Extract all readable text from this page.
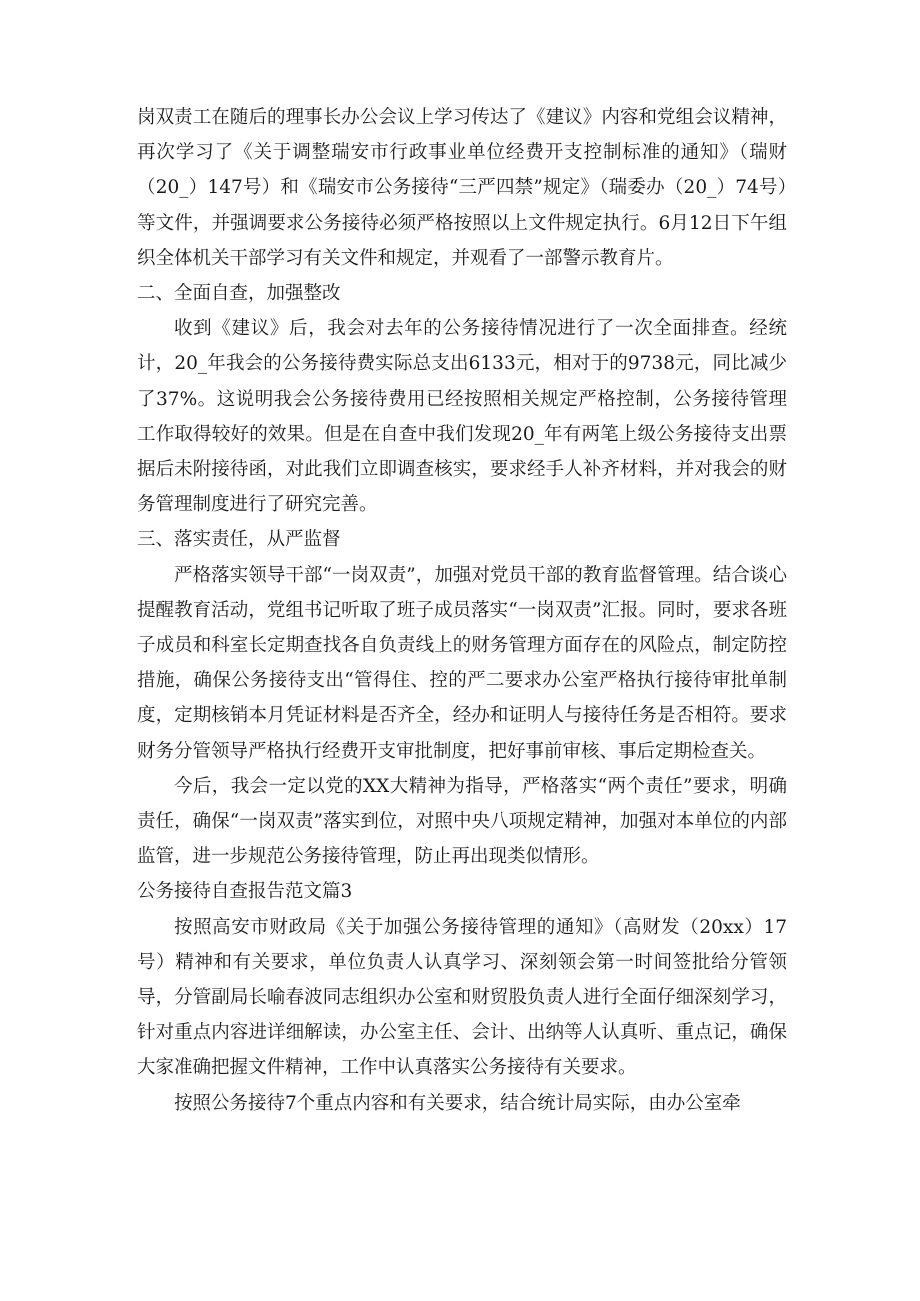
岗双责工在随后的理事长办公会议上学习传达了《建议》内容和党组会议精神，再次学习了《关于调整瑞安市行政事业单位经费开支控制标准的通知》（瑞财（20_）147号）和《瑞安市公务接待“三严四禁”规定》（瑞委办（20_）74号）等文件，并强调要求公务接待必须严格按照以上文件规定执行。6月12日下午组织全体机关干部学习有关文件和规定，并观看了一部警示教育片。

二、全面自查，加强整改

收到《建议》后，我会对去年的公务接待情况进行了一次全面排查。经统计，20_年我会的公务接待费实际总支出6133元，相对于的9738元，同比减少了37%。这说明我会公务接待费用已经按照相关规定严格控制，公务接待管理工作取得较好的效果。但是在自查中我们发现20_年有两笔上级公务接待支出票据后未附接待函，对此我们立即调查核实，要求经手人补齐材料，并对我会的财务管理制度进行了研究完善。

三、落实责任，从严监督

严格落实领导干部“一岗双责”，加强对党员干部的教育监督管理。结合谈心提醒教育活动，党组书记听取了班子成员落实“一岗双责”汇报。同时，要求各班子成员和科室长定期查找各自负责线上的财务管理方面存在的风险点，制定防控措施，确保公务接待支出“管得住、控的严二要求办公室严格执行接待审批单制度，定期核销本月凭证材料是否齐全，经办和证明人与接待任务是否相符。要求财务分管领导严格执行经费开支审批制度，把好事前审核、事后定期检查关。

今后，我会一定以党的XX大精神为指导，严格落实“两个责任”要求，明确责任，确保“一岗双责”落实到位，对照中央八项规定精神，加强对本单位的内部监管，进一步规范公务接待管理，防止再出现类似情形。

公务接待自查报告范文篇3

按照高安市财政局《关于加强公务接待管理的通知》（高财发（20xx）17号）精神和有关要求，单位负责人认真学习、深刻领会第一时间签批给分管领导，分管副局长喻春波同志组织办公室和财贸股负责人进行全面仔细深刻学习，针对重点内容进详细解读，办公室主任、会计、出纳等人认真听、重点记，确保大家准确把握文件精神，工作中认真落实公务接待有关要求。

按照公务接待7个重点内容和有关要求，结合统计局实际，由办公室牵
